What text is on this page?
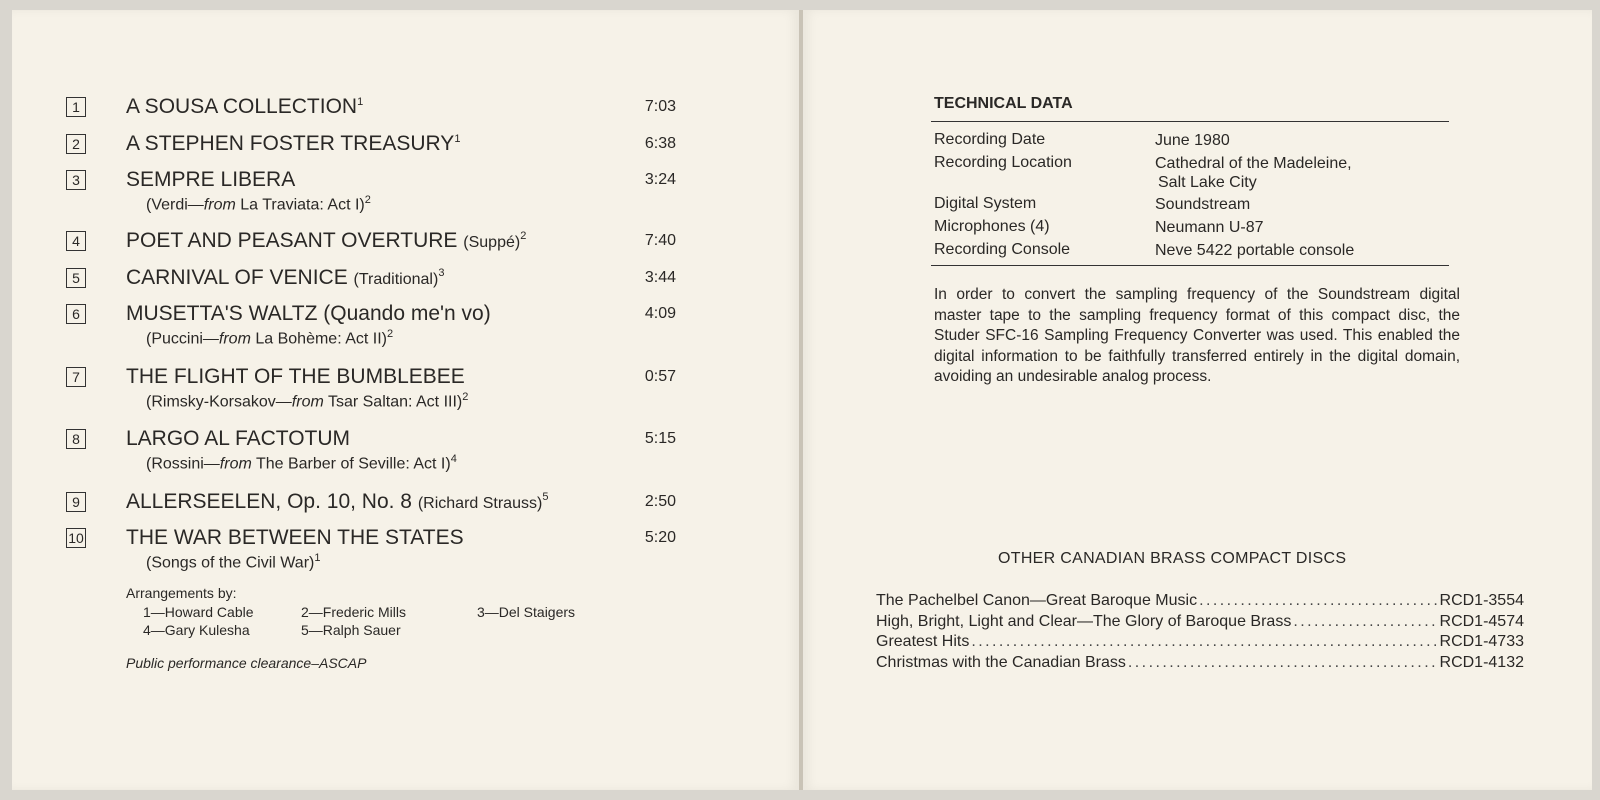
1 A SOUSA COLLECTION$^1$	7:03
2 A STEPHEN FOSTER TREASURY$^1$	6:38
3 SEMPRE LIBERA	3:24
(Verdi—from La Traviata: Act I)$^2$
4 POET AND PEASANT OVERTURE (Suppé)$^2$	7:40
5 CARNIVAL OF VENICE (Traditional)$^3$	3:44
6 MUSETTA'S WALTZ (Quando me'n vo)	4:09
(Puccini—from La Bohème: Act II)$^2$
7 THE FLIGHT OF THE BUMBLEBEE	0:57
(Rimsky-Korsakov—from Tsar Saltan: Act III)$^2$
8 LARGO AL FACTOTUM	5:15
(Rossini—from The Barber of Seville: Act I)$^4$
9 ALLERSEELEN, Op. 10, No. 8 (Richard Strauss)$^5$	2:50
10 THE WAR BETWEEN THE STATES	5:20
(Songs of the Civil War)$^1$
Arrangements by:
1—Howard Cable	2—Frederic Mills	3—Del Staigers
4—Gary Kulesha	5—Ralph Sauer
Public performance clearance–ASCAP
TECHNICAL DATA
Recording Date	June 1980
Recording Location	Cathedral of the Madeleine,
Salt Lake City
Digital System	Soundstream
Microphones (4)	Neumann U-87
Recording Console	Neve 5422 portable console
In order to convert the sampling frequency of the Soundstream digital master tape to the sampling frequency format of this compact disc, the Studer SFC-16 Sampling Frequency Converter was used. This enabled the digital information to be faithfully transferred entirely in the digital domain, avoiding an undesirable analog process.
OTHER CANADIAN BRASS COMPACT DISCS
The Pachelbel Canon—Great Baroque Music . . .	RCD1-3554
High, Bright, Light and Clear—The Glory of Baroque Brass . . .	RCD1-4574
Greatest Hits . . .	RCD1-4733
Christmas with the Canadian Brass . . .	RCD1-4132
